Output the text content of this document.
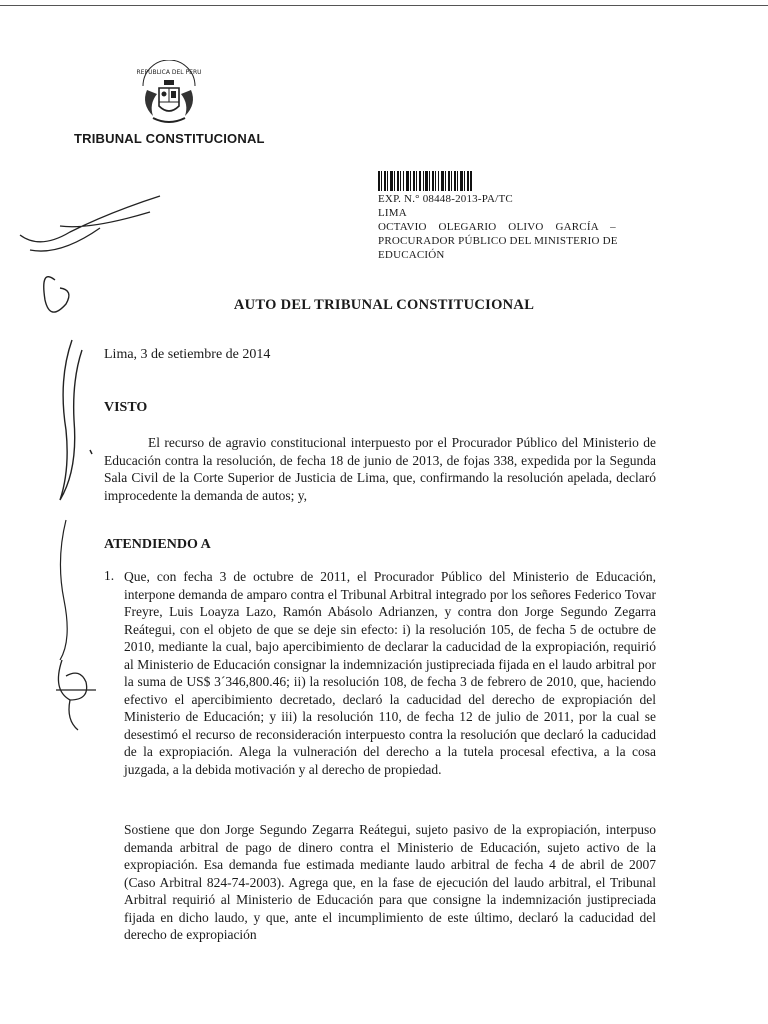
REPUBLICA DEL PERU
TRIBUNAL CONSTITUCIONAL
EXP. N.° 08448-2013-PA/TC
LIMA
OCTAVIO OLEGARIO OLIVO GARCÍA –
PROCURADOR PÚBLICO DEL MINISTERIO DE
EDUCACIÓN
AUTO DEL TRIBUNAL CONSTITUCIONAL
Lima, 3 de setiembre de 2014
VISTO

El recurso de agravio constitucional interpuesto por el Procurador Público del Ministerio de Educación contra la resolución, de fecha 18 de junio de 2013, de fojas 338, expedida por la Segunda Sala Civil de la Corte Superior de Justicia de Lima, que, confirmando la resolución apelada, declaró improcedente la demanda de autos; y,

ATENDIENDO A
1. Que, con fecha 3 de octubre de 2011, el Procurador Público del Ministerio de Educación, interpone demanda de amparo contra el Tribunal Arbitral integrado por los señores Federico Tovar Freyre, Luis Loayza Lazo, Ramón Abásolo Adrianzen, y contra don Jorge Segundo Zegarra Reátegui, con el objeto de que se deje sin efecto: i) la resolución 105, de fecha 5 de octubre de 2010, mediante la cual, bajo apercibimiento de declarar la caducidad de la expropiación, requirió al Ministerio de Educación consignar la indemnización justipreciada fijada en el laudo arbitral por la suma de US$ 3´346,800.46; ii) la resolución 108, de fecha 3 de febrero de 2010, que, haciendo efectivo el apercibimiento decretado, declaró la caducidad del derecho de expropiación del Ministerio de Educación; y iii) la resolución 110, de fecha 12 de julio de 2011, por la cual se desestimó el recurso de reconsideración interpuesto contra la resolución que declaró la caducidad de la expropiación. Alega la vulneración del derecho a la tutela procesal efectiva, a la cosa juzgada, a la debida motivación y al derecho de propiedad.
Sostiene que don Jorge Segundo Zegarra Reátegui, sujeto pasivo de la expropiación, interpuso demanda arbitral de pago de dinero contra el Ministerio de Educación, sujeto activo de la expropiación. Esa demanda fue estimada mediante laudo arbitral de fecha 4 de abril de 2007 (Caso Arbitral 824-74-2003). Agrega que, en la fase de ejecución del laudo arbitral, el Tribunal Arbitral requirió al Ministerio de Educación para que consigne la indemnización justipreciada fijada en dicho laudo, y que, ante el incumplimiento de este último, declaró la caducidad del derecho de expropiación
